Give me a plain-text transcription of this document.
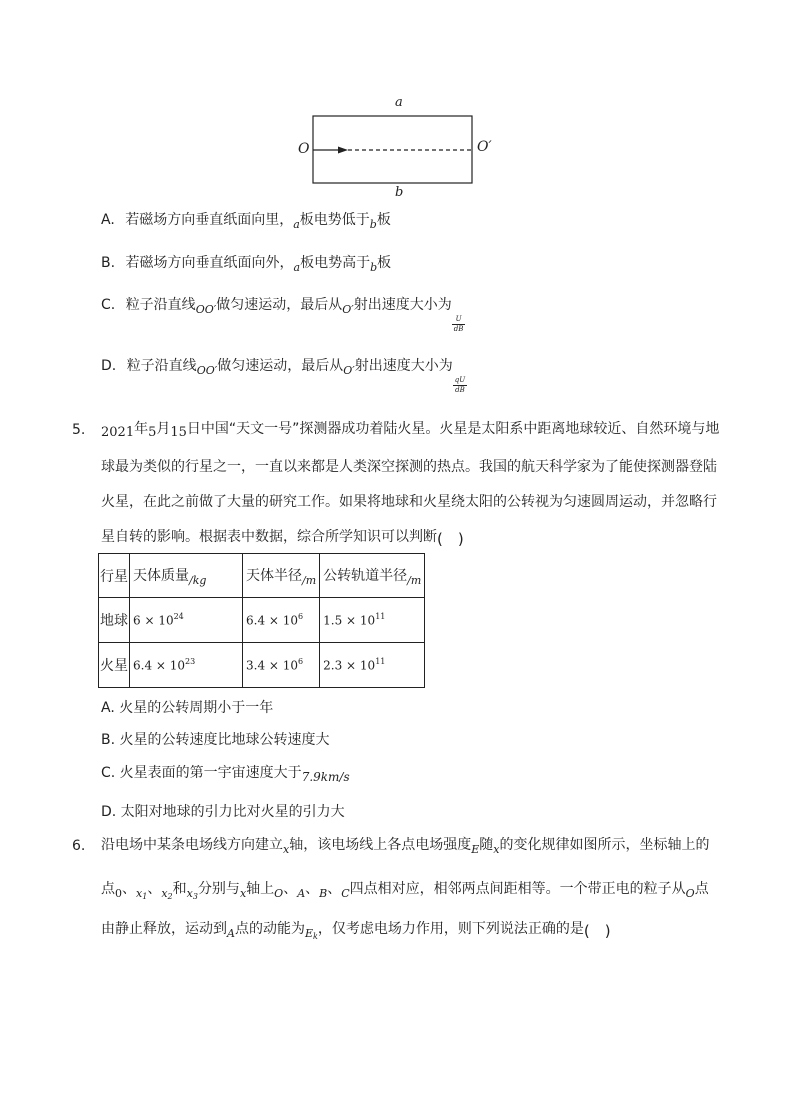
a
b
O	O′
A. 若磁场方向垂直纸面向里，$_a$板电势低于$_b$板
B. 若磁场方向垂直纸面向外，$_a$板电势高于$_b$板
C. 粒子沿直线$_{OO'}$做匀速运动，最后从$_{O'}$射出速度大小为
$\frac{U}{dB}$
D. 粒子沿直线$_{OO'}$做匀速运动，最后从$_{O'}$射出速度大小为
$\frac{qU}{dB}$
5. 2021年5月15日中国“天文一号”探测器成功着陆火星。火星是太阳系中距离地球较近、自然环境与地
球最为类似的行星之一，一直以来都是人类深空探测的热点。我国的航天科学家为了能使探测器登陆
火星，在此之前做了大量的研究工作。如果将地球和火星绕太阳的公转视为匀速圆周运动，并忽略行
星自转的影响。根据表中数据，综合所学知识可以判断(　)
行星	天体质量$_{/kg}$	天体半径$_{/m}$	公转轨道半径$_{/m}$
地球	$6 \times 10^{24}$	$6.4 \times 10^6$	$1.5 \times 10^{11}$
火星	$6.4 \times 10^{23}$	$3.4 \times 10^6$	$2.3 \times 10^{11}$
A. 火星的公转周期小于一年
B. 火星的公转速度比地球公转速度大
C. 火星表面的第一宇宙速度大于7.9km/s
D. 太阳对地球的引力比对火星的引力大
6. 沿电场中某条电场线方向建立$_x$轴，该电场线上各点电场强度$_E$随$_x$的变化规律如图所示，坐标轴上的
点$_0$、$_{x1}$、$_{x2}$和$_{x3}$分别与$_x$轴上$_O$、$_A$、$_B$、$_C$四点相对应，相邻两点间距相等。一个带正电的粒子从$_O$点
由静止释放，运动到$_A$点的动能为$_{Ek}$，仅考虑电场力作用，则下列说法正确的是(　)
